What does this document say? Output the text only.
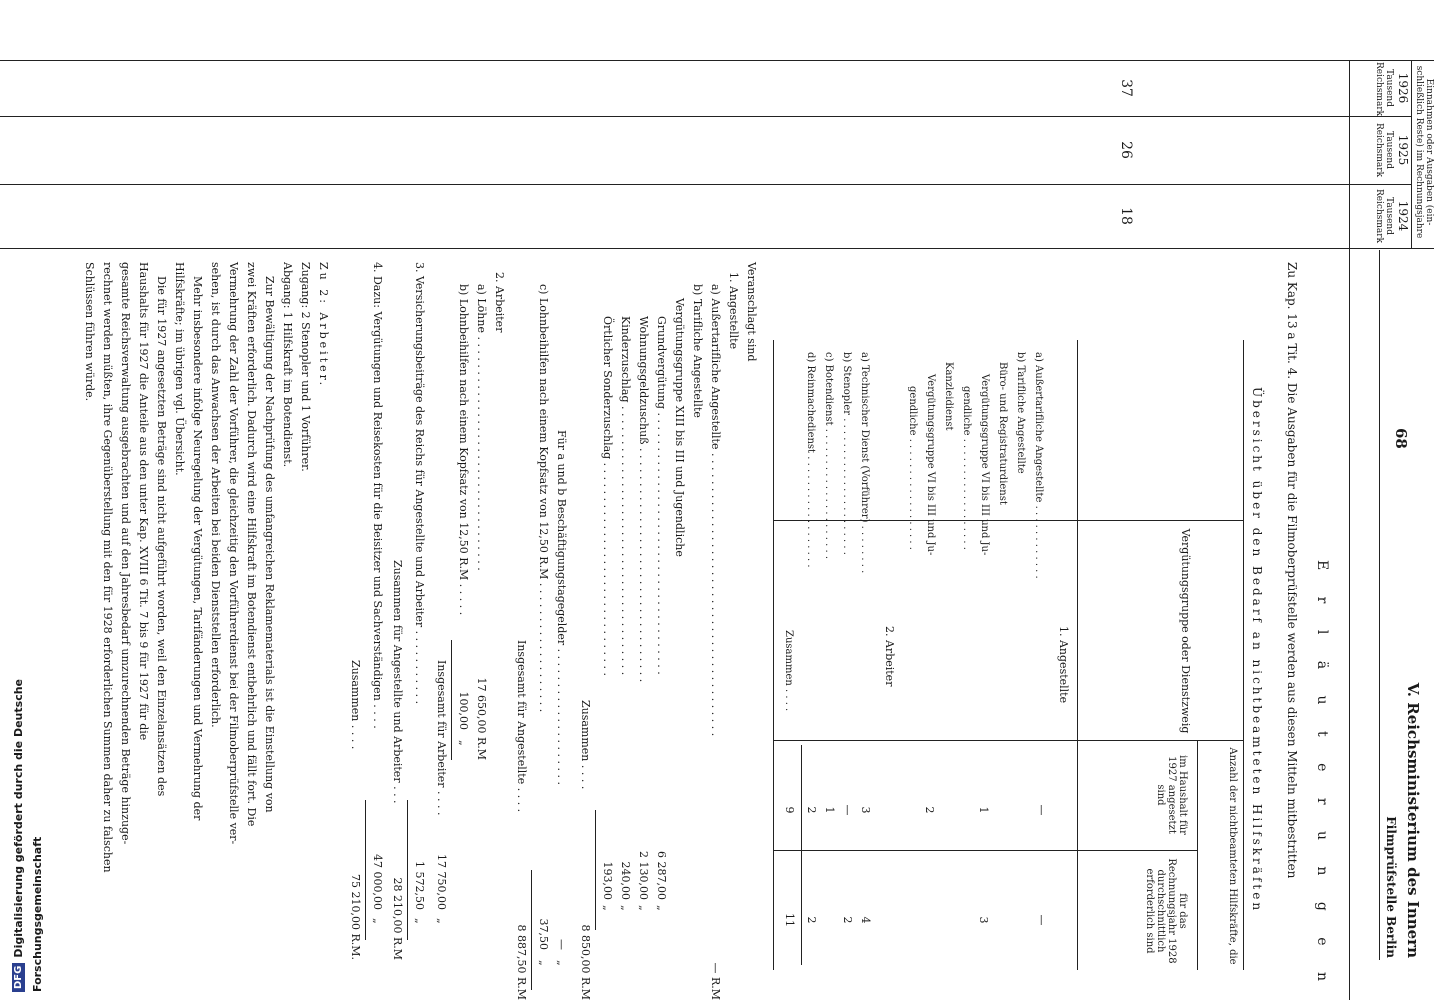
V. Reichsministerium des Innern
Filmprüfstelle Berlin
68
Einnahmen oder Ausgaben (ein-schließlich Reste) im Rechnungsjahre
1926
1925
1924
Tausend Reichsmark
Tausend Reichsmark
Tausend Reichsmark
37
26
18
E r l ä u t e r u n g e n
Zu Kap. 13 a Tit. 4. Die Ausgaben für die Filmoberprüfstelle werden aus diesen Mitteln mitbestritten
Übersicht über den Bedarf an nichtbeamteten Hilfskräften
Vergütungsgruppe oder Dienstzweig
Anzahl der nichtbeamteten Hilfskräfte, die
im Haushalt für 1927 angesetzt sind
für das Rechnungsjahr 1928 durchschnittlich erforderlich sind
1. Angestellte
a) Außertarifliche Angestellte . . . . . . . . . . . .
—
—
b) Tarifliche Angestellte
Büro- und Registraturdienst
Vergütungsgruppe VI bis III und Ju-
1
3
gendliche . . . . . . . . . . . . . . . . . .
Kanzleidienst
Vergütungsgruppe VI bis III und Ju-
2
gendliche . . . . . . . . . . . . . . . . . .
2. Arbeiter
a) Technischer Dienst (Vorführer) . . . . . . . .
3
4
b) Stenopler . . . . . . . . . . . . . . . . . . . . . .
—
2
c) Botendienst . . . . . . . . . . . . . . . . . . . . .
1
d) Reinmachedienst . . . . . . . . . . . . . . . . . .
2
2
Zusammen . . . .
9
11
Veranschlagt sind
1. Angestellte
a) Außertarifliche Angestellte . . . . . . . . . . . . . . . . . . . . . . . . . . . . . . . . . . . . . . . . .
— R.M
b) Tarifliche Angestellte
Vergütungsgruppe XIII bis III und Jugendliche
Grundvergütung . . . . . . . . . . . . . . . . . . . . . . . . . . . . . . . . . . . . . .
6 287,00
„
Wohnungsgeldzuschuß . . . . . . . . . . . . . . . . . . . . . . . . . . . . . . . . . .
2 130,00
„
Kinderzuschlag . . . . . . . . . . . . . . . . . . . . . . . . . . . . . . . . . . . . . . .
240,00
„
Örtlicher Sonderzuschlag . . . . . . . . . . . . . . . . . . . . . . . . . . . . . . .
193,00
„
Zusammen . . . .
8 850,00 R.M
Für a und b Beschäftigungstagegelder . . . . . . . . . . . . . . . . . . . .
—
„
c) Lohnbeihilfen nach einem Kopfsatz von 12,50 R.M . . . . . . . . . . . . . . . . . . .
37,50
„
Insgesamt für Angestellte . . . .
8 887,50 R.M
2. Arbeiter
a) Löhne . . . . . . . . . . . . . . . . . . . . . . . . . . . . . . . . . .
17 650,00 R.M
b) Lohnbeihilfen nach einem Kopfsatz von 12,50 R.M . . . . .
100,00
„
Insgesamt für Arbeiter . . . .
17 750,00
„
3. Versicherungsbeiträge des Reichs für Angestellte und Arbeiter . . . . . . . . . . .
1 572,50
„
Zusammen für Angestellte und Arbeiter . . .
28 210,00 R.M
4. Dazu: Vergütungen und Reisekosten für die Beisitzer und Sachverständigen . . . .
47 000,00
„
Zusammen . . . .
75 210,00 R.M.
Zu 2: Arbeiter.
Zugang: 2 Stenopler und 1 Vorführer.
Abgang: 1 Hilfskraft im Botendienst.
Zur Bewältigung der Nachprüfung des umfangreichen Reklamematerials ist die Einstellung von
zwei Kräften erforderlich. Dadurch wird eine Hilfskraft im Botendienst entbehrlich und fällt fort. Die
Vermehrung der Zahl der Vorführer, die gleichzeitig den Vorführerdienst bei der Filmoberprüfstelle ver-
sehen, ist durch das Anwachsen der Arbeiten bei beiden Dienststellen erforderlich.
Mehr insbesondere infolge Neuregelung der Vergütungen, Tarifänderungen und Vermehrung der
Hilfskräfte; im übrigen vgl. Übersicht.
Die für 1927 angesetzten Beträge sind nicht aufgeführt worden, weil den Einzelansätzen des
Haushalts für 1927 die Anteile aus den unter Kap. XVIII 6 Tit. 7 bis 9 für 1927 für die
gesamte Reichsverwaltung ausgebrachten und auf den Jahresbedarf umzurechnenden Beträge hinzuge-
rechnet werden müßten, ihre Gegenüberstellung mit den für 1928 erforderlichen Summen daher zu falschen
Schlüssen führen würde.
DFG Digitalisierung gefördert durch die Deutsche Forschungsgemeinschaft
